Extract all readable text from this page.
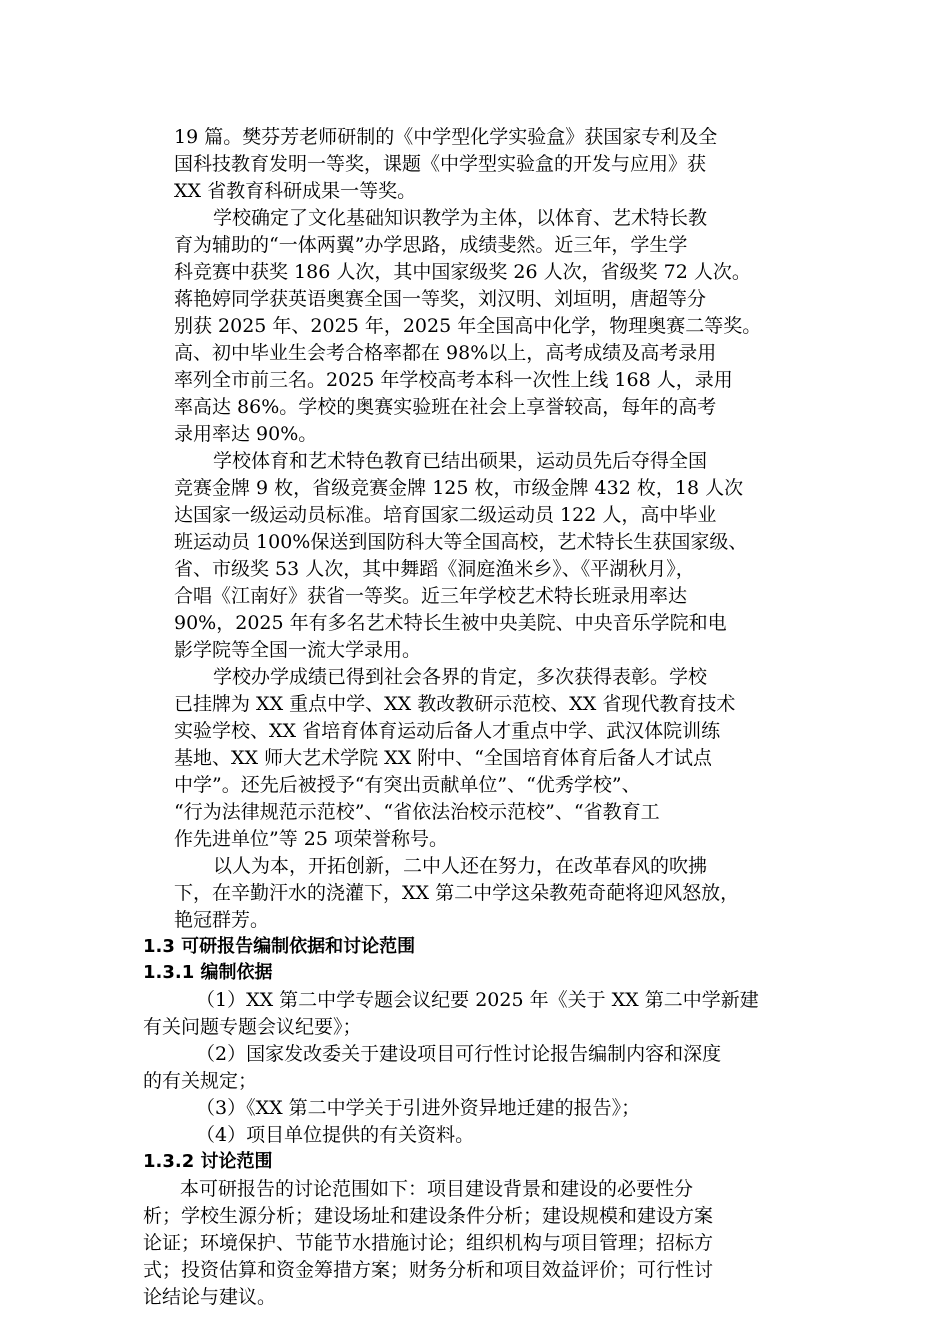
19 篇。樊芬芳老师研制的《中学型化学实验盒》获国家专利及全
国科技教育发明一等奖，课题《中学型实验盒的开发与应用》获
XX 省教育科研成果一等奖。
学校确定了文化基础知识教学为主体，以体育、艺术特长教
育为辅助的“一体两翼”办学思路，成绩斐然。近三年，学生学
科竞赛中获奖 186 人次，其中国家级奖 26 人次，省级奖 72 人次。
蒋艳婷同学获英语奥赛全国一等奖，刘汉明、刘垣明，唐超等分
别获 2025 年、2025 年，2025 年全国高中化学，物理奥赛二等奖。
高、初中毕业生会考合格率都在 98%以上，高考成绩及高考录用
率列全市前三名。2025 年学校高考本科一次性上线 168 人，录用
率高达 86%。学校的奥赛实验班在社会上享誉较高，每年的高考
录用率达 90%。
学校体育和艺术特色教育已结出硕果，运动员先后夺得全国
竞赛金牌 9 枚，省级竞赛金牌 125 枚，市级金牌 432 枚，18 人次
达国家一级运动员标准。培育国家二级运动员 122 人，高中毕业
班运动员 100%保送到国防科大等全国高校，艺术特长生获国家级、
省、市级奖 53 人次，其中舞蹈《洞庭渔米乡》、《平湖秋月》，
合唱《江南好》获省一等奖。近三年学校艺术特长班录用率达
90%，2025 年有多名艺术特长生被中央美院、中央音乐学院和电
影学院等全国一流大学录用。
学校办学成绩已得到社会各界的肯定，多次获得表彰。学校
已挂牌为 XX 重点中学、XX 教改教研示范校、XX 省现代教育技术
实验学校、XX 省培育体育运动后备人才重点中学、武汉体院训练
基地、XX 师大艺术学院 XX 附中、“全国培育体育后备人才试点
中学”。还先后被授予“有突出贡献单位”、“优秀学校”、
“行为法律规范示范校”、“省依法治校示范校”、“省教育工
作先进单位”等 25 项荣誉称号。
以人为本，开拓创新，二中人还在努力，在改革春风的吹拂
下，在辛勤汗水的浇灌下，XX 第二中学这朵教苑奇葩将迎风怒放，
艳冠群芳。
1.3 可研报告编制依据和讨论范围
1.3.1 编制依据
（1）XX 第二中学专题会议纪要 2025 年《关于 XX 第二中学新建
有关问题专题会议纪要》；
（2）国家发改委关于建设项目可行性讨论报告编制内容和深度
的有关规定；
（3）《XX 第二中学关于引进外资异地迁建的报告》；
（4）项目单位提供的有关资料。
1.3.2 讨论范围
本可研报告的讨论范围如下：项目建设背景和建设的必要性分
析；学校生源分析；建设场址和建设条件分析；建设规模和建设方案
论证；环境保护、节能节水措施讨论；组织机构与项目管理；招标方
式；投资估算和资金筹措方案；财务分析和项目效益评价；可行性讨
论结论与建议。
